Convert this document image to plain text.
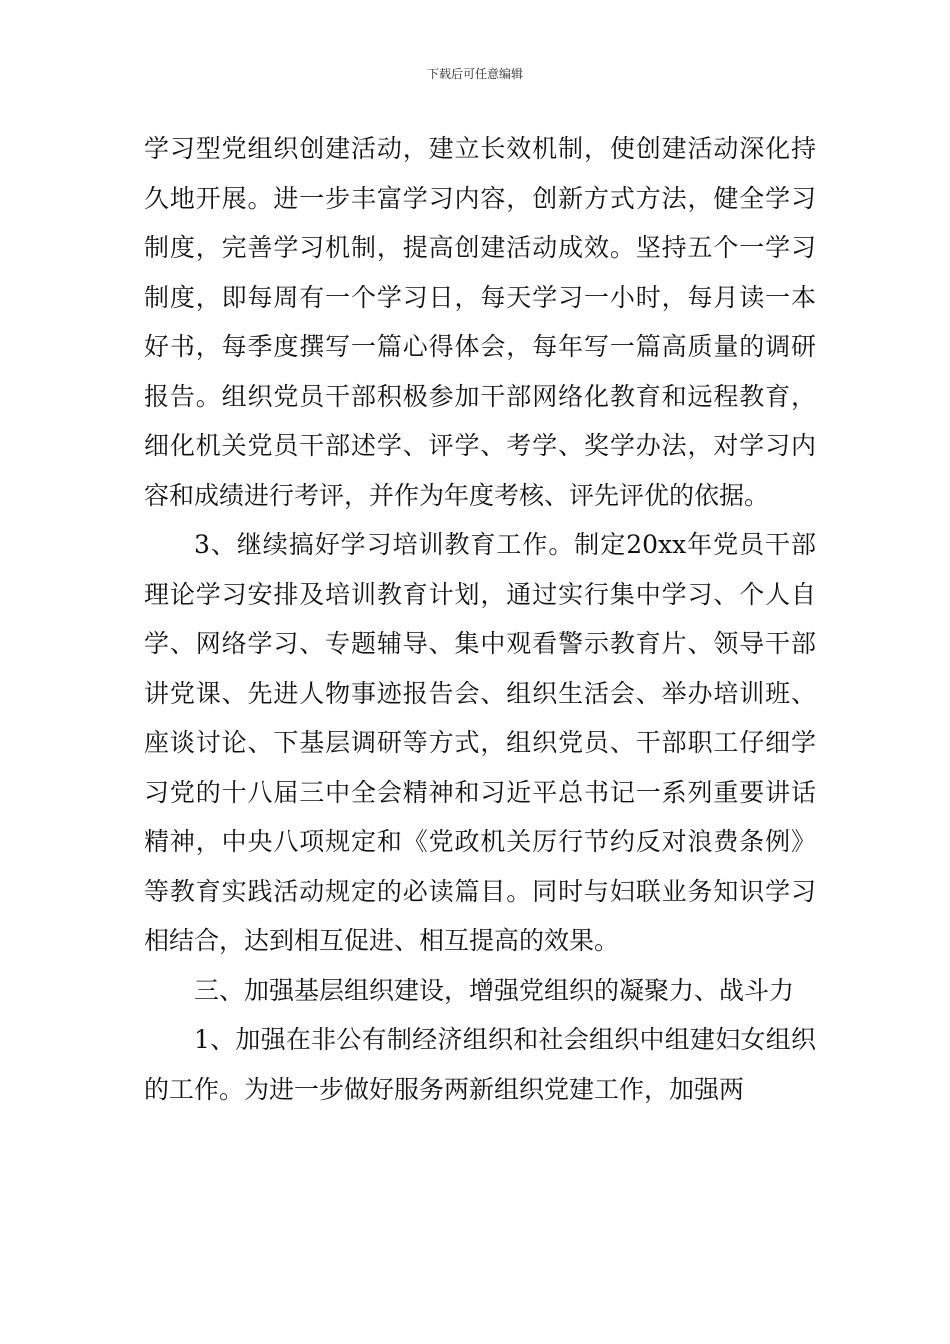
下载后可任意编辑

学习型党组织创建活动，建立长效机制，使创建活动深化持久地开展。进一步丰富学习内容，创新方式方法，健全学习制度，完善学习机制，提高创建活动成效。坚持五个一学习制度，即每周有一个学习日，每天学习一小时，每月读一本好书，每季度撰写一篇心得体会，每年写一篇高质量的调研报告。组织党员干部积极参加干部网络化教育和远程教育，细化机关党员干部述学、评学、考学、奖学办法，对学习内容和成绩进行考评，并作为年度考核、评先评优的依据。

3、继续搞好学习培训教育工作。制定20xx年党员干部理论学习安排及培训教育计划，通过实行集中学习、个人自学、网络学习、专题辅导、集中观看警示教育片、领导干部讲党课、先进人物事迹报告会、组织生活会、举办培训班、座谈讨论、下基层调研等方式，组织党员、干部职工仔细学习党的十八届三中全会精神和习近平总书记一系列重要讲话精神，中央八项规定和《党政机关厉行节约反对浪费条例》等教育实践活动规定的必读篇目。同时与妇联业务知识学习相结合，达到相互促进、相互提高的效果。

三、加强基层组织建设，增强党组织的凝聚力、战斗力

1、加强在非公有制经济组织和社会组织中组建妇女组织的工作。为进一步做好服务两新组织党建工作，加强两
